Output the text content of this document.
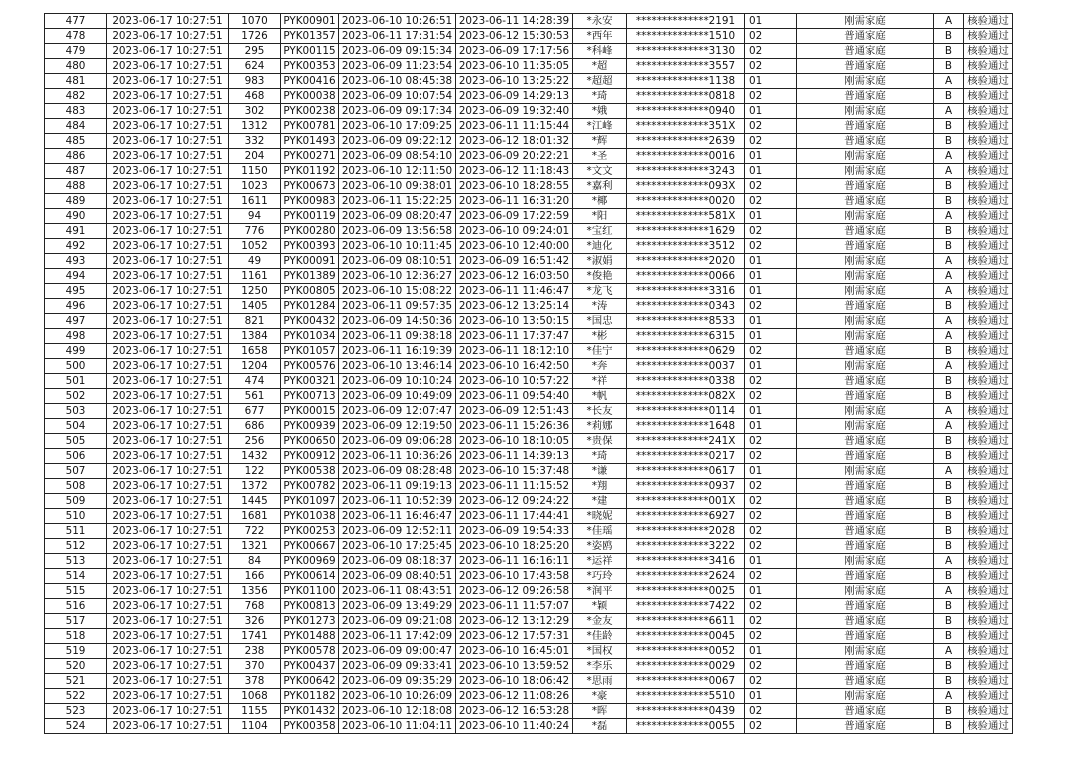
477	2023-06-17 10:27:51	1070	PYK00901	2023-06-10 10:26:51	2023-06-11 14:28:39	*永安	**************2191	01	刚需家庭	A	核验通过
478	2023-06-17 10:27:51	1726	PYK01357	2023-06-11 17:31:54	2023-06-12 15:30:53	*西年	**************1510	02	普通家庭	B	核验通过
479	2023-06-17 10:27:51	295	PYK00115	2023-06-09 09:15:34	2023-06-09 17:17:56	*科峰	**************3130	02	普通家庭	B	核验通过
480	2023-06-17 10:27:51	624	PYK00353	2023-06-09 11:23:54	2023-06-10 11:35:05	*超	**************3557	02	普通家庭	B	核验通过
481	2023-06-17 10:27:51	983	PYK00416	2023-06-10 08:45:38	2023-06-10 13:25:22	*超超	**************1138	01	刚需家庭	A	核验通过
482	2023-06-17 10:27:51	468	PYK00038	2023-06-09 10:07:54	2023-06-09 14:29:13	*琦	**************0818	02	普通家庭	B	核验通过
483	2023-06-17 10:27:51	302	PYK00238	2023-06-09 09:17:34	2023-06-09 19:32:40	*娥	**************0940	01	刚需家庭	A	核验通过
484	2023-06-17 10:27:51	1312	PYK00781	2023-06-10 17:09:25	2023-06-11 11:15:44	*江峰	**************351X	02	普通家庭	B	核验通过
485	2023-06-17 10:27:51	332	PYK01493	2023-06-09 09:22:12	2023-06-12 18:01:32	*辉	**************2639	02	普通家庭	B	核验通过
486	2023-06-17 10:27:51	204	PYK00271	2023-06-09 08:54:10	2023-06-09 20:22:21	*圣	**************0016	01	刚需家庭	A	核验通过
487	2023-06-17 10:27:51	1150	PYK01192	2023-06-10 12:11:50	2023-06-12 11:18:43	*文文	**************3243	01	刚需家庭	A	核验通过
488	2023-06-17 10:27:51	1023	PYK00673	2023-06-10 09:38:01	2023-06-10 18:28:55	*嘉利	**************093X	02	普通家庭	B	核验通过
489	2023-06-17 10:27:51	1611	PYK00983	2023-06-11 15:22:25	2023-06-11 16:31:20	*椰	**************0020	02	普通家庭	B	核验通过
490	2023-06-17 10:27:51	94	PYK00119	2023-06-09 08:20:47	2023-06-09 17:22:59	*阳	**************581X	01	刚需家庭	A	核验通过
491	2023-06-17 10:27:51	776	PYK00280	2023-06-09 13:56:58	2023-06-10 09:24:01	*宝红	**************1629	02	普通家庭	B	核验通过
492	2023-06-17 10:27:51	1052	PYK00393	2023-06-10 10:11:45	2023-06-10 12:40:00	*迪化	**************3512	02	普通家庭	B	核验通过
493	2023-06-17 10:27:51	49	PYK00091	2023-06-09 08:10:51	2023-06-09 16:51:42	*淑娟	**************2020	01	刚需家庭	A	核验通过
494	2023-06-17 10:27:51	1161	PYK01389	2023-06-10 12:36:27	2023-06-12 16:03:50	*俊艳	**************0066	01	刚需家庭	A	核验通过
495	2023-06-17 10:27:51	1250	PYK00805	2023-06-10 15:08:22	2023-06-11 11:46:47	*龙飞	**************3316	01	刚需家庭	A	核验通过
496	2023-06-17 10:27:51	1405	PYK01284	2023-06-11 09:57:35	2023-06-12 13:25:14	*涛	**************0343	02	普通家庭	B	核验通过
497	2023-06-17 10:27:51	821	PYK00432	2023-06-09 14:50:36	2023-06-10 13:50:15	*国忠	**************8533	01	刚需家庭	A	核验通过
498	2023-06-17 10:27:51	1384	PYK01034	2023-06-11 09:38:18	2023-06-11 17:37:47	*彬	**************6315	01	刚需家庭	A	核验通过
499	2023-06-17 10:27:51	1658	PYK01057	2023-06-11 16:19:39	2023-06-11 18:12:10	*佳宁	**************0629	02	普通家庭	B	核验通过
500	2023-06-17 10:27:51	1204	PYK00576	2023-06-10 13:46:14	2023-06-10 16:42:50	*奔	**************0037	01	刚需家庭	A	核验通过
501	2023-06-17 10:27:51	474	PYK00321	2023-06-09 10:10:24	2023-06-10 10:57:22	*祥	**************0338	02	普通家庭	B	核验通过
502	2023-06-17 10:27:51	561	PYK00713	2023-06-09 10:49:09	2023-06-11 09:54:40	*帆	**************082X	02	普通家庭	B	核验通过
503	2023-06-17 10:27:51	677	PYK00015	2023-06-09 12:07:47	2023-06-09 12:51:43	*长友	**************0114	01	刚需家庭	A	核验通过
504	2023-06-17 10:27:51	686	PYK00939	2023-06-09 12:19:50	2023-06-11 15:26:36	*莉娜	**************1648	01	刚需家庭	A	核验通过
505	2023-06-17 10:27:51	256	PYK00650	2023-06-09 09:06:28	2023-06-10 18:10:05	*贵保	**************241X	02	普通家庭	B	核验通过
506	2023-06-17 10:27:51	1432	PYK00912	2023-06-11 10:36:26	2023-06-11 14:39:13	*琦	**************0217	02	普通家庭	B	核验通过
507	2023-06-17 10:27:51	122	PYK00538	2023-06-09 08:28:48	2023-06-10 15:37:48	*谦	**************0617	01	刚需家庭	A	核验通过
508	2023-06-17 10:27:51	1372	PYK00782	2023-06-11 09:19:13	2023-06-11 11:15:52	*翔	**************0937	02	普通家庭	B	核验通过
509	2023-06-17 10:27:51	1445	PYK01097	2023-06-11 10:52:39	2023-06-12 09:24:22	*建	**************001X	02	普通家庭	B	核验通过
510	2023-06-17 10:27:51	1681	PYK01038	2023-06-11 16:46:47	2023-06-11 17:44:41	*晓妮	**************6927	02	普通家庭	B	核验通过
511	2023-06-17 10:27:51	722	PYK00253	2023-06-09 12:52:11	2023-06-09 19:54:33	*佳瑶	**************2028	02	普通家庭	B	核验通过
512	2023-06-17 10:27:51	1321	PYK00667	2023-06-10 17:25:45	2023-06-10 18:25:20	*姿鸥	**************3222	02	普通家庭	B	核验通过
513	2023-06-17 10:27:51	84	PYK00969	2023-06-09 08:18:37	2023-06-11 16:16:11	*运祥	**************3416	01	刚需家庭	A	核验通过
514	2023-06-17 10:27:51	166	PYK00614	2023-06-09 08:40:51	2023-06-10 17:43:58	*巧玲	**************2624	02	普通家庭	B	核验通过
515	2023-06-17 10:27:51	1356	PYK01100	2023-06-11 08:43:51	2023-06-12 09:26:58	*润平	**************0025	01	刚需家庭	A	核验通过
516	2023-06-17 10:27:51	768	PYK00813	2023-06-09 13:49:29	2023-06-11 11:57:07	*颖	**************7422	02	普通家庭	B	核验通过
517	2023-06-17 10:27:51	326	PYK01273	2023-06-09 09:21:08	2023-06-12 13:12:29	*金友	**************6611	02	普通家庭	B	核验通过
518	2023-06-17 10:27:51	1741	PYK01488	2023-06-11 17:42:09	2023-06-12 17:57:31	*佳龄	**************0045	02	普通家庭	B	核验通过
519	2023-06-17 10:27:51	238	PYK00578	2023-06-09 09:00:47	2023-06-10 16:45:01	*国权	**************0052	01	刚需家庭	A	核验通过
520	2023-06-17 10:27:51	370	PYK00437	2023-06-09 09:33:41	2023-06-10 13:59:52	*李乐	**************0029	02	普通家庭	B	核验通过
521	2023-06-17 10:27:51	378	PYK00642	2023-06-09 09:35:29	2023-06-10 18:06:42	*思雨	**************0067	02	普通家庭	B	核验通过
522	2023-06-17 10:27:51	1068	PYK01182	2023-06-10 10:26:09	2023-06-12 11:08:26	*豪	**************5510	01	刚需家庭	A	核验通过
523	2023-06-17 10:27:51	1155	PYK01432	2023-06-10 12:18:08	2023-06-12 16:53:28	*晖	**************0439	02	普通家庭	B	核验通过
524	2023-06-17 10:27:51	1104	PYK00358	2023-06-10 11:04:11	2023-06-10 11:40:24	*磊	**************0055	02	普通家庭	B	核验通过
